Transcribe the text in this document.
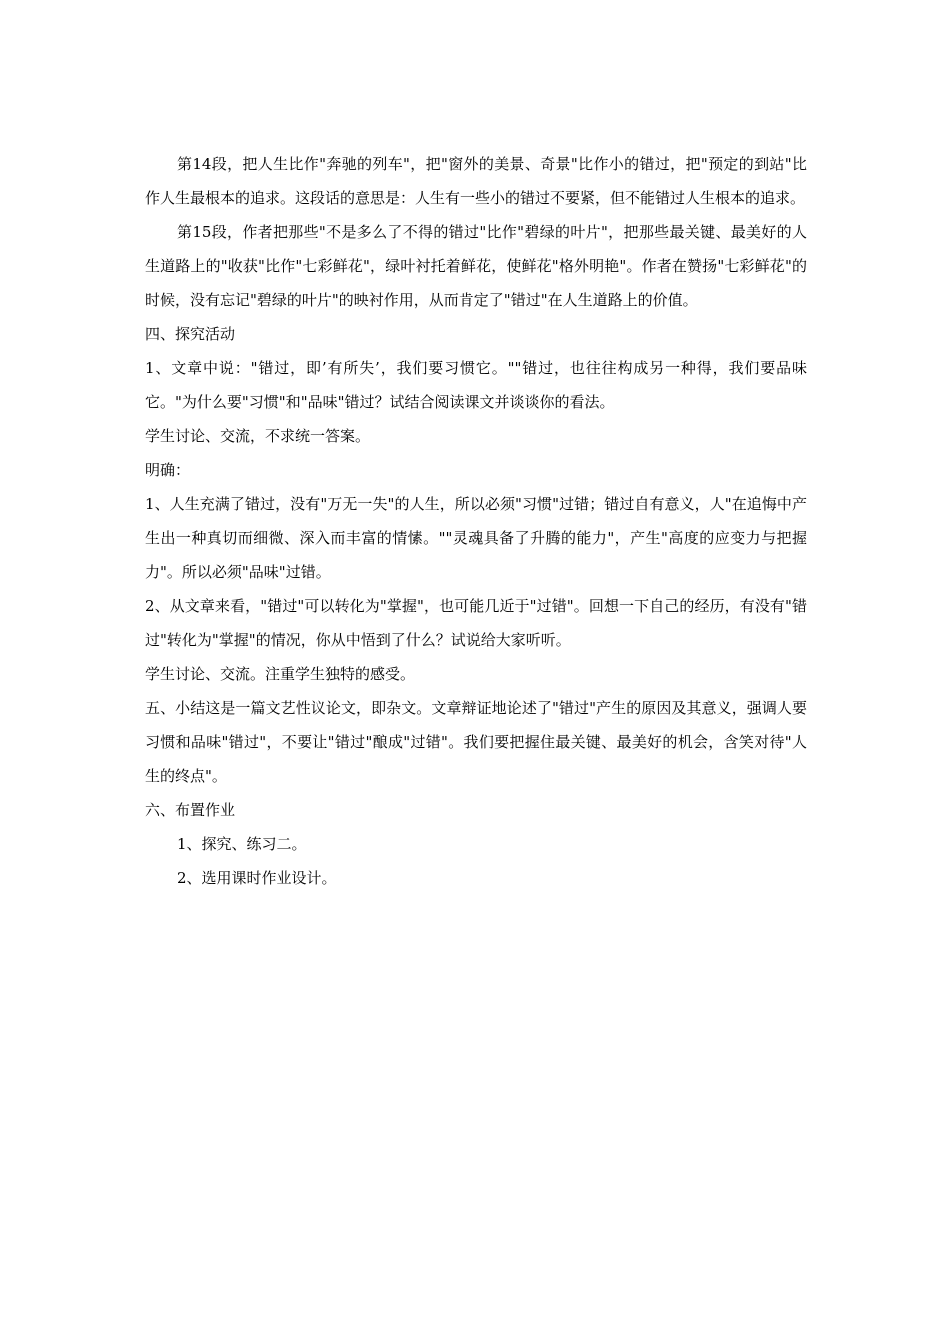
第14段，把人生比作"奔驰的列车"，把"窗外的美景、奇景"比作小的错过，把"预定的到站"比作人生最根本的追求。这段话的意思是：人生有一些小的错过不要紧，但不能错过人生根本的追求。

第15段，作者把那些"不是多么了不得的错过"比作"碧绿的叶片"，把那些最关键、最美好的人生道路上的"收获"比作"七彩鲜花"，绿叶衬托着鲜花，使鲜花"格外明艳"。作者在赞扬"七彩鲜花"的时候，没有忘记"碧绿的叶片"的映衬作用，从而肯定了"错过"在人生道路上的价值。

四、探究活动

1、文章中说："错过，即’有所失’，我们要习惯它。""错过，也往往构成另一种得，我们要品味它。"为什么要"习惯"和"品味"错过？试结合阅读课文并谈谈你的看法。

学生讨论、交流，不求统一答案。

明确：

1、人生充满了错过，没有"万无一失"的人生，所以必须"习惯"过错；错过自有意义，人"在追悔中产生出一种真切而细微、深入而丰富的情愫。""灵魂具备了升腾的能力"，产生"高度的应变力与把握力"。所以必须"品味"过错。

2、从文章来看，"错过"可以转化为"掌握"，也可能几近于"过错"。回想一下自己的经历，有没有"错过"转化为"掌握"的情况，你从中悟到了什么？试说给大家听听。

学生讨论、交流。注重学生独特的感受。

五、小结这是一篇文艺性议论文，即杂文。文章辩证地论述了"错过"产生的原因及其意义，强调人要习惯和品味"错过"，不要让"错过"酿成"过错"。我们要把握住最关键、最美好的机会，含笑对待"人生的终点"。

六、布置作业

1、探究、练习二。

2、选用课时作业设计。
